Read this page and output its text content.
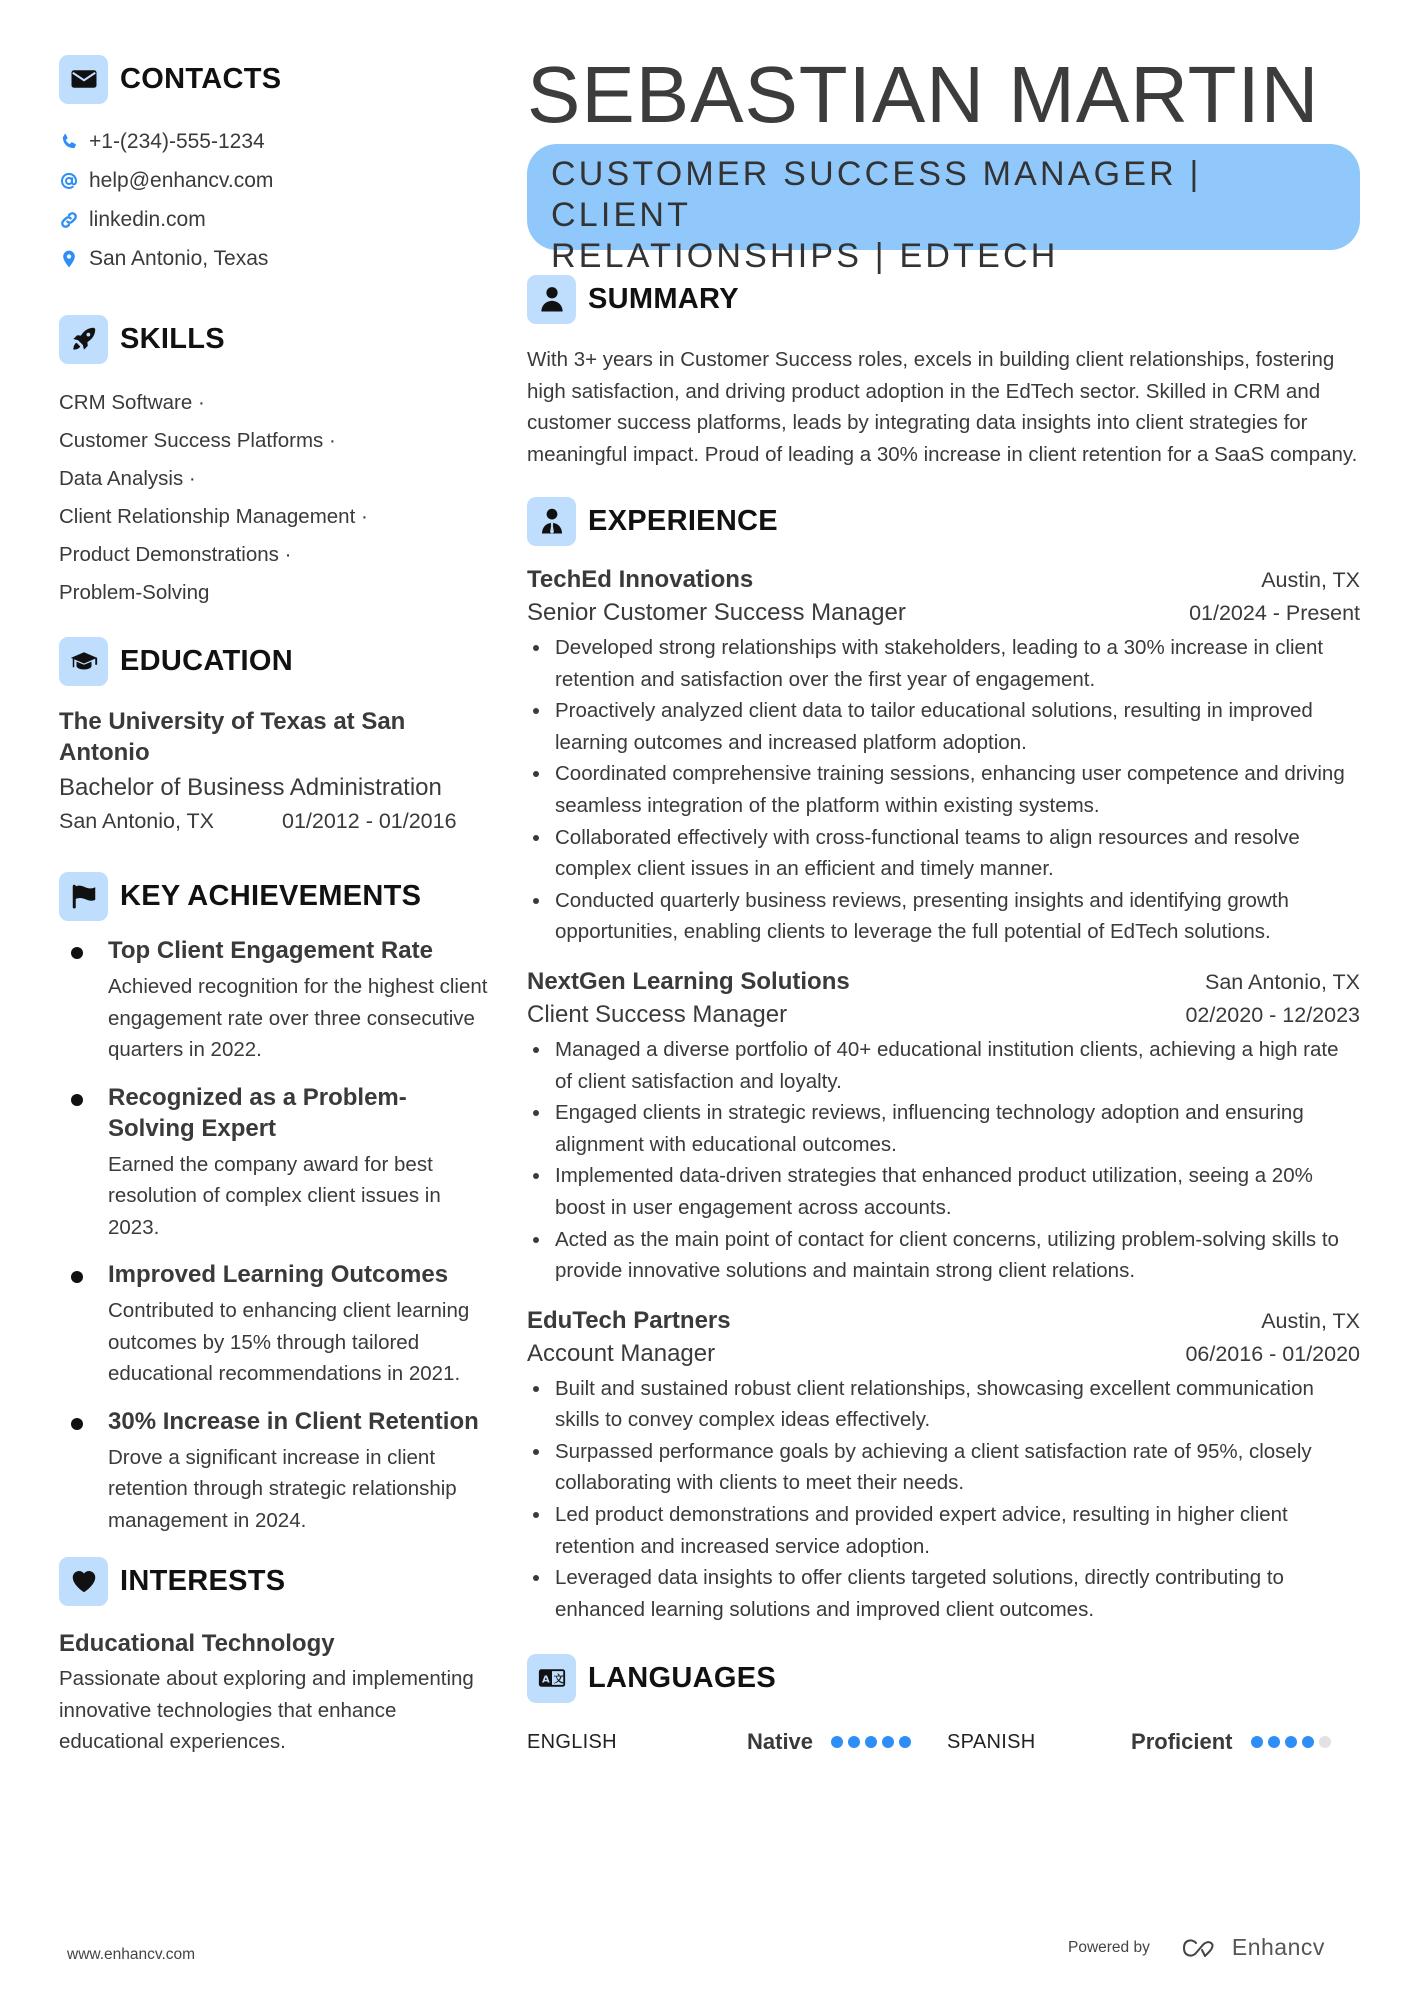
CONTACTS
+1-(234)-555-1234
help@enhancv.com
linkedin.com
San Antonio, Texas
SKILLS
CRM Software ·
Customer Success Platforms ·
Data Analysis ·
Client Relationship Management ·
Product Demonstrations ·
Problem-Solving
EDUCATION
The University of Texas at San Antonio
Bachelor of Business Administration
San Antonio, TX	01/2012 - 01/2016
KEY ACHIEVEMENTS
Top Client Engagement Rate
Achieved recognition for the highest client engagement rate over three consecutive quarters in 2022.
Recognized as a Problem-Solving Expert
Earned the company award for best resolution of complex client issues in 2023.
Improved Learning Outcomes
Contributed to enhancing client learning outcomes by 15% through tailored educational recommendations in 2021.
30% Increase in Client Retention
Drove a significant increase in client retention through strategic relationship management in 2024.
INTERESTS
Educational Technology
Passionate about exploring and implementing innovative technologies that enhance educational experiences.
SEBASTIAN MARTIN
CUSTOMER SUCCESS MANAGER | CLIENT
RELATIONSHIPS | EDTECH
SUMMARY

With 3+ years in Customer Success roles, excels in building client relationships, fostering high satisfaction, and driving product adoption in the EdTech sector. Skilled in CRM and customer success platforms, leads by integrating data insights into client strategies for meaningful impact. Proud of leading a 30% increase in client retention for a SaaS company.

EXPERIENCE
TechEd Innovations	Austin, TX
Senior Customer Success Manager	01/2024 - Present
Developed strong relationships with stakeholders, leading to a 30% increase in client retention and satisfaction over the first year of engagement.
Proactively analyzed client data to tailor educational solutions, resulting in improved learning outcomes and increased platform adoption.
Coordinated comprehensive training sessions, enhancing user competence and driving seamless integration of the platform within existing systems.
Collaborated effectively with cross-functional teams to align resources and resolve complex client issues in an efficient and timely manner.
Conducted quarterly business reviews, presenting insights and identifying growth opportunities, enabling clients to leverage the full potential of EdTech solutions.
NextGen Learning Solutions	San Antonio, TX
Client Success Manager	02/2020 - 12/2023
Managed a diverse portfolio of 40+ educational institution clients, achieving a high rate of client satisfaction and loyalty.
Engaged clients in strategic reviews, influencing technology adoption and ensuring alignment with educational outcomes.
Implemented data-driven strategies that enhanced product utilization, seeing a 20% boost in user engagement across accounts.
Acted as the main point of contact for client concerns, utilizing problem-solving skills to provide innovative solutions and maintain strong client relations.
EduTech Partners	Austin, TX
Account Manager	06/2016 - 01/2020
Built and sustained robust client relationships, showcasing excellent communication skills to convey complex ideas effectively.
Surpassed performance goals by achieving a client satisfaction rate of 95%, closely collaborating with clients to meet their needs.
Led product demonstrations and provided expert advice, resulting in higher client retention and increased service adoption.
Leveraged data insights to offer clients targeted solutions, directly contributing to enhanced learning solutions and improved client outcomes.
A 文 LANGUAGES
ENGLISH	Native	SPANISH	Proficient
www.enhancv.com	Powered by	Enhancv
